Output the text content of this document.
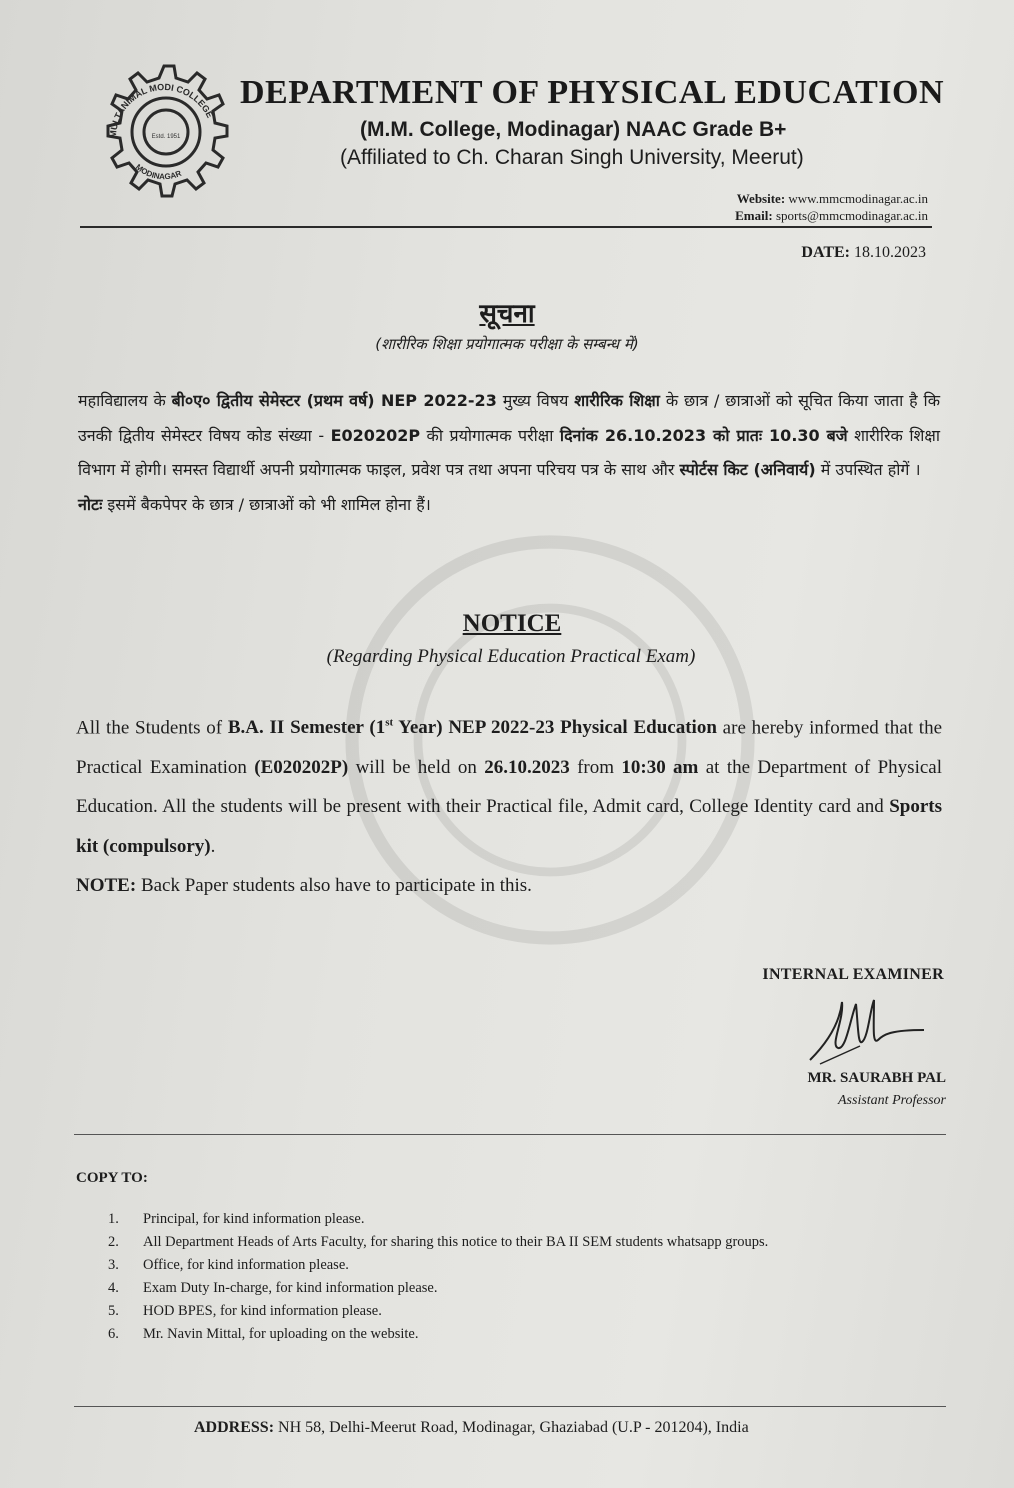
MULTANIMAL MODI COLLEGE
MODINAGAR
Estd. 1951
DEPARTMENT OF PHYSICAL EDUCATION
(M.M. College, Modinagar) NAAC Grade B+
(Affiliated to Ch. Charan Singh University, Meerut)
Website: www.mmcmodinagar.ac.in
Email: sports@mmcmodinagar.ac.in
DATE: 18.10.2023
सूचना
(शारीरिक शिक्षा प्रयोगात्मक परीक्षा के सम्बन्ध में)
महाविद्यालय के बी०ए० द्वितीय सेमेस्टर (प्रथम वर्ष) NEP 2022-23 मुख्य विषय शारीरिक शिक्षा के छात्र / छात्राओं को सूचित किया जाता है कि उनकी द्वितीय सेमेस्टर विषय कोड संख्या - E020202P की प्रयोगात्मक परीक्षा दिनांक 26.10.2023 को प्रातः 10.30 बजे शारीरिक शिक्षा विभाग में होगी। समस्त विद्यार्थी अपनी प्रयोगात्मक फाइल, प्रवेश पत्र तथा अपना परिचय पत्र के साथ और स्पोर्टस किट (अनिवार्य) में उपस्थित होगें ।
नोटः इसमें बैकपेपर के छात्र / छात्राओं को भी शामिल होना हैं।
NOTICE
(Regarding Physical Education Practical Exam)
All the Students of B.A. II Semester (1st Year) NEP 2022-23 Physical Education are hereby informed that the Practical Examination (E020202P) will be held on 26.10.2023 from 10:30 am at the Department of Physical Education. All the students will be present with their Practical file, Admit card, College Identity card and Sports kit (compulsory).
NOTE: Back Paper students also have to participate in this.
INTERNAL EXAMINER
MR. SAURABH PAL
Assistant Professor
COPY TO:
1.	Principal, for kind information please.
2.	All Department Heads of Arts Faculty, for sharing this notice to their BA II SEM students whatsapp groups.
3.	Office, for kind information please.
4.	Exam Duty In-charge, for kind information please.
5.	HOD BPES, for kind information please.
6.	Mr. Navin Mittal, for uploading on the website.
ADDRESS: NH 58, Delhi-Meerut Road, Modinagar, Ghaziabad (U.P - 201204), India
